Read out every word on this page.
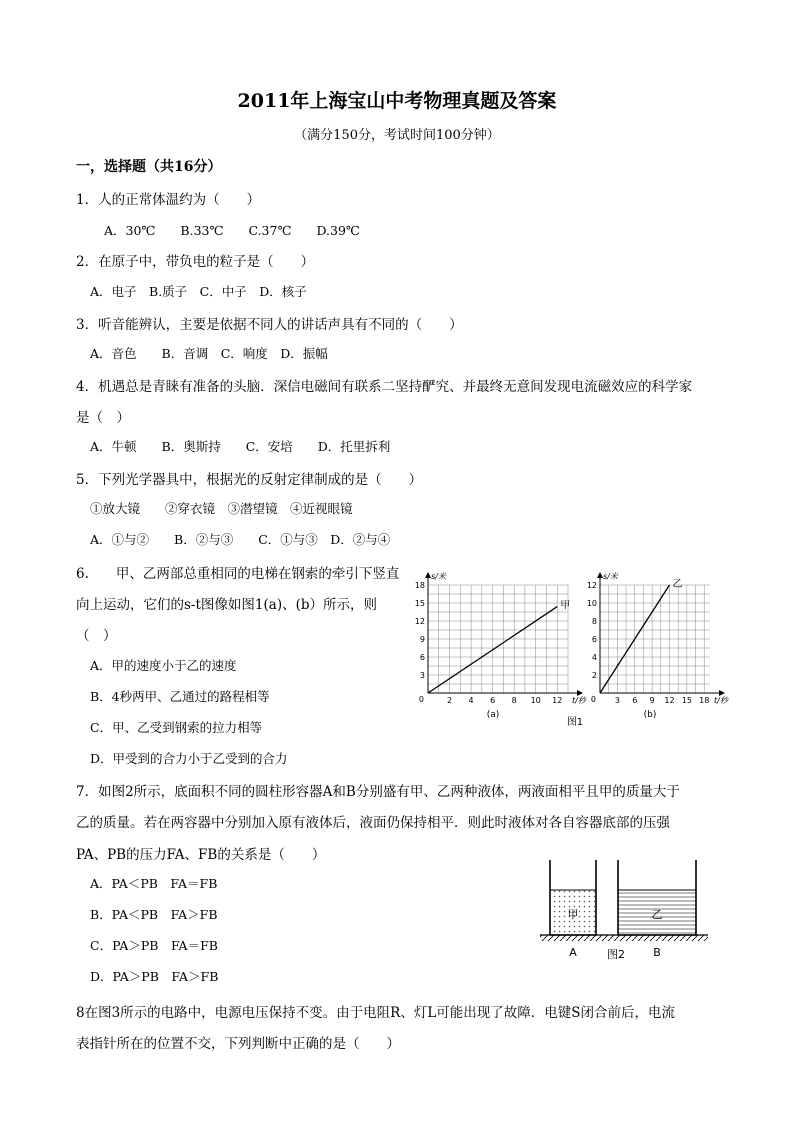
2011年上海宝山中考物理真题及答案
（满分150分，考试时间100分钟）
一，选择题（共16分）
1．人的正常体温约为（　　）
A．30℃　　B.33℃　　C.37℃　　D.39℃
2．在原子中，带负电的粒子是（　　）
A．电子　B.质子　C．中子　D．核子
3．听音能辨认，主要是依据不同人的讲话声具有不同的（　　）
A．音色　　B．音调　C．响度　D．振幅
4．机遇总是青睐有准备的头脑．深信电磁间有联系二坚持酽究、并最终无意间发现电流磁效应的科学家
是（　）
A．牛顿　　B．奥斯持　　C．安培　　D．托里拆利
5．下列光学器具中，根据光的反射定律制成的是（　　）
①放大镜　　②穿衣镜　③潜望镜　④近视眼镜
A．①与②　　B．②与③　　C．①与③　D．②与④
6.　　甲、乙两部总重相同的电梯在钢索的牵引下竖直
向上运动，它们的s-t图像如图1(a)、(b）所示，则
（　）
A．甲的速度小于乙的速度
B．4秒两甲、乙通过的路程相等
C．甲、乙受到钢索的拉力相等
D．甲受到的合力小于乙受到的合力
2 4 6 8 10 12
3
6
9
12
15
18
0
s/米
t/秒
甲
(a)
3 6 9 12 15 18
2
4
6
8
10
12
0
s/米
t/秒
乙
(b)
图1
7．如图2所示，底面积不同的圆柱形容器A和B分别盛有甲、乙两种液体，两液面相平且甲的质量大于
乙的质量。若在两容器中分别加入原有液体后，液面仍保持相平．则此时液体对各自容器底部的压强
PA、PB的压力FA、FB的关系是（　　）
A．PA＜PB　FA＝FB
B．PA＜PB　FA＞FB
C．PA＞PB　FA＝FB
D．PA＞PB　FA＞FB
甲	乙
A	图2	B
8在图3所示的电路中，电源电压保持不变。由于电阻R、灯L可能出现了故障．电键S闭合前后，电流
表指针所在的位置不交，下列判断中正确的是（　　）
